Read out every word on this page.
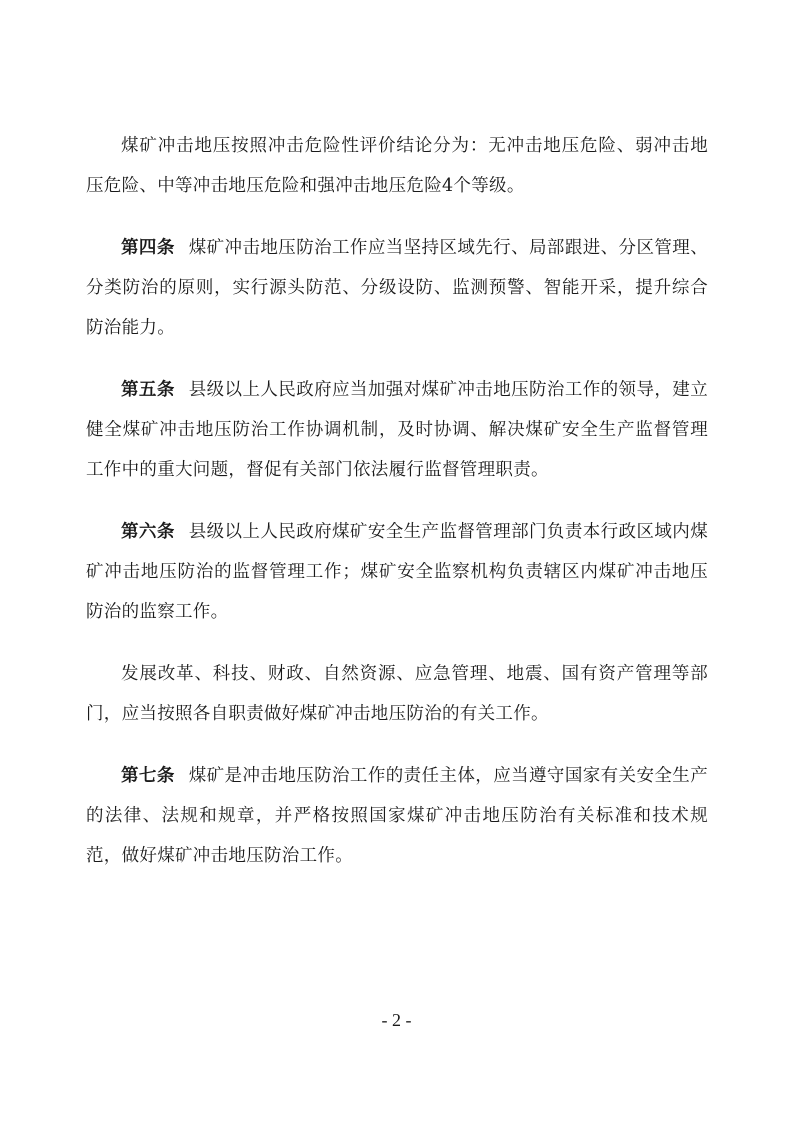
煤矿冲击地压按照冲击危险性评价结论分为：无冲击地压危险、弱冲击地压危险、中等冲击地压危险和强冲击地压危险4个等级。

第四条 煤矿冲击地压防治工作应当坚持区域先行、局部跟进、分区管理、分类防治的原则，实行源头防范、分级设防、监测预警、智能开采，提升综合防治能力。

第五条 县级以上人民政府应当加强对煤矿冲击地压防治工作的领导，建立健全煤矿冲击地压防治工作协调机制，及时协调、解决煤矿安全生产监督管理工作中的重大问题，督促有关部门依法履行监督管理职责。

第六条 县级以上人民政府煤矿安全生产监督管理部门负责本行政区域内煤矿冲击地压防治的监督管理工作；煤矿安全监察机构负责辖区内煤矿冲击地压防治的监察工作。

发展改革、科技、财政、自然资源、应急管理、地震、国有资产管理等部门，应当按照各自职责做好煤矿冲击地压防治的有关工作。

第七条 煤矿是冲击地压防治工作的责任主体，应当遵守国家有关安全生产的法律、法规和规章，并严格按照国家煤矿冲击地压防治有关标准和技术规范，做好煤矿冲击地压防治工作。

- 2 -
